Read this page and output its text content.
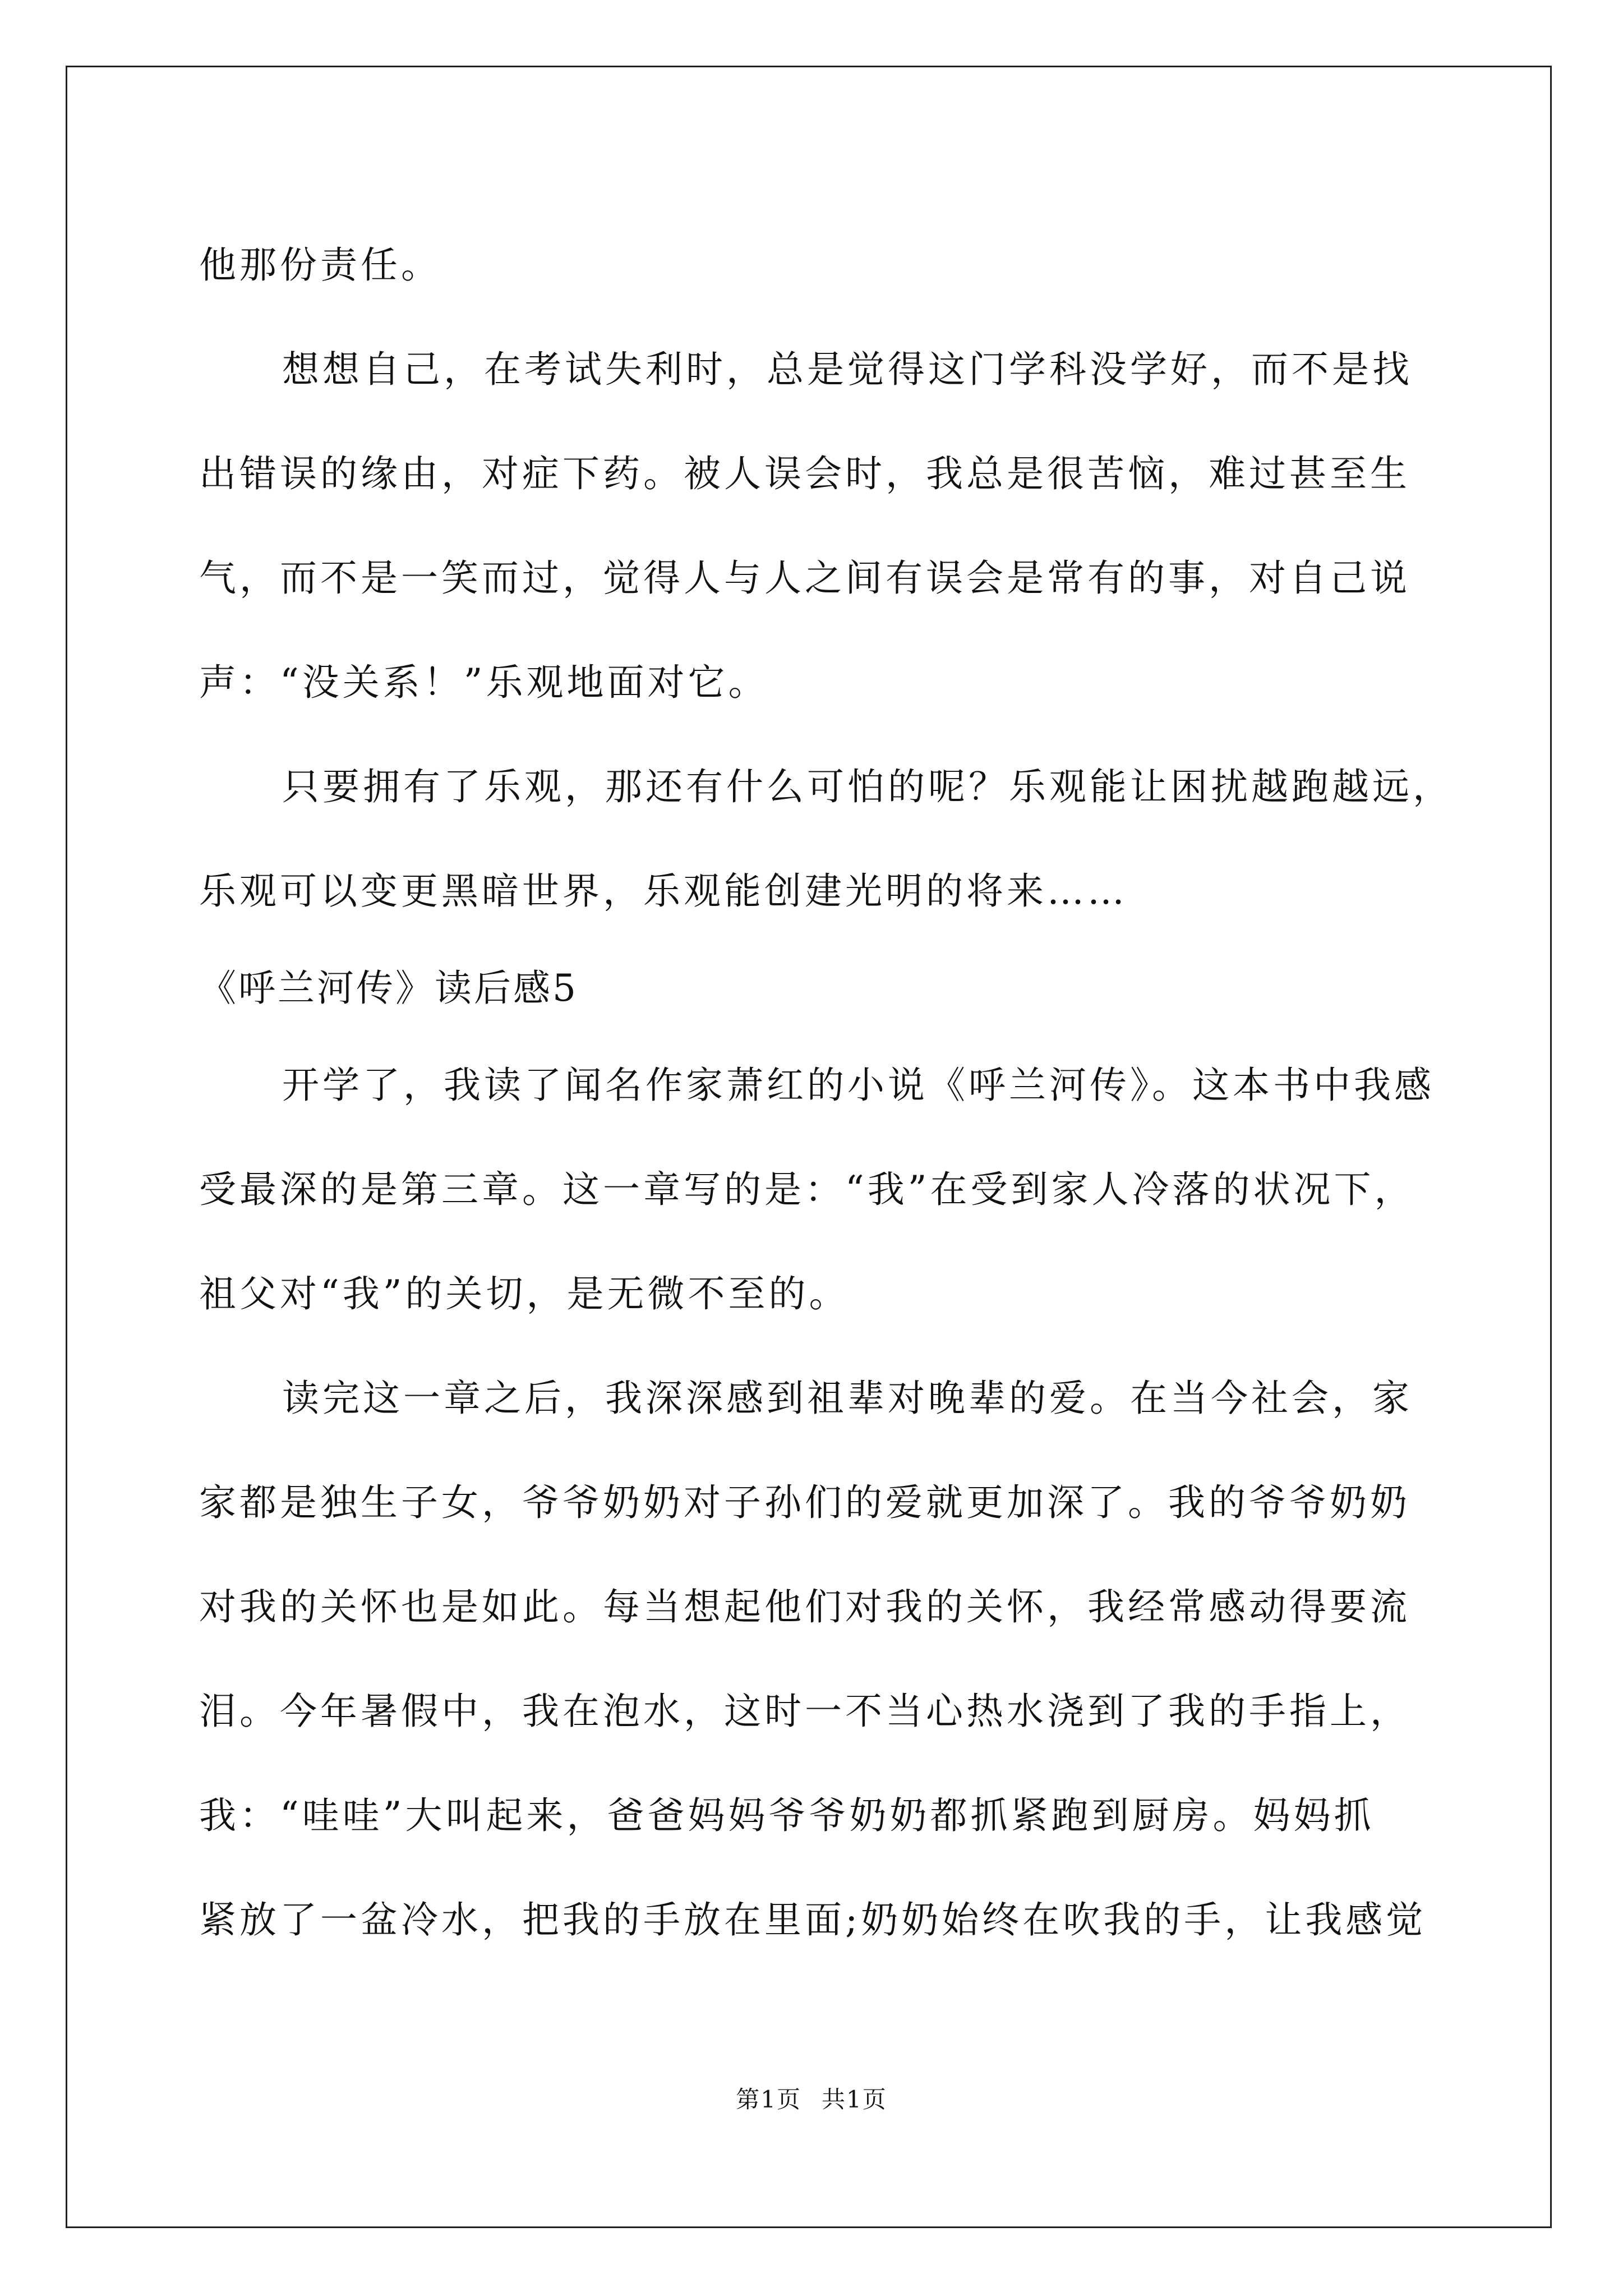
他那份责任。
想想自己，在考试失利时，总是觉得这门学科没学好，而不是找
出错误的缘由，对症下药。被人误会时，我总是很苦恼，难过甚至生
气，而不是一笑而过，觉得人与人之间有误会是常有的事，对自己说
声：“没关系！”乐观地面对它。
只要拥有了乐观，那还有什么可怕的呢？乐观能让困扰越跑越远，
乐观可以变更黑暗世界，乐观能创建光明的将来……
《呼兰河传》读后感5
开学了，我读了闻名作家萧红的小说《呼兰河传》。这本书中我感
受最深的是第三章。这一章写的是：“我”在受到家人冷落的状况下，
祖父对“我”的关切，是无微不至的。
读完这一章之后，我深深感到祖辈对晚辈的爱。在当今社会，家
家都是独生子女，爷爷奶奶对子孙们的爱就更加深了。我的爷爷奶奶
对我的关怀也是如此。每当想起他们对我的关怀，我经常感动得要流
泪。今年暑假中，我在泡水，这时一不当心热水浇到了我的手指上，
我：“哇哇”大叫起来，爸爸妈妈爷爷奶奶都抓紧跑到厨房。妈妈抓
紧放了一盆冷水，把我的手放在里面;奶奶始终在吹我的手，让我感觉
第1页 共1页
